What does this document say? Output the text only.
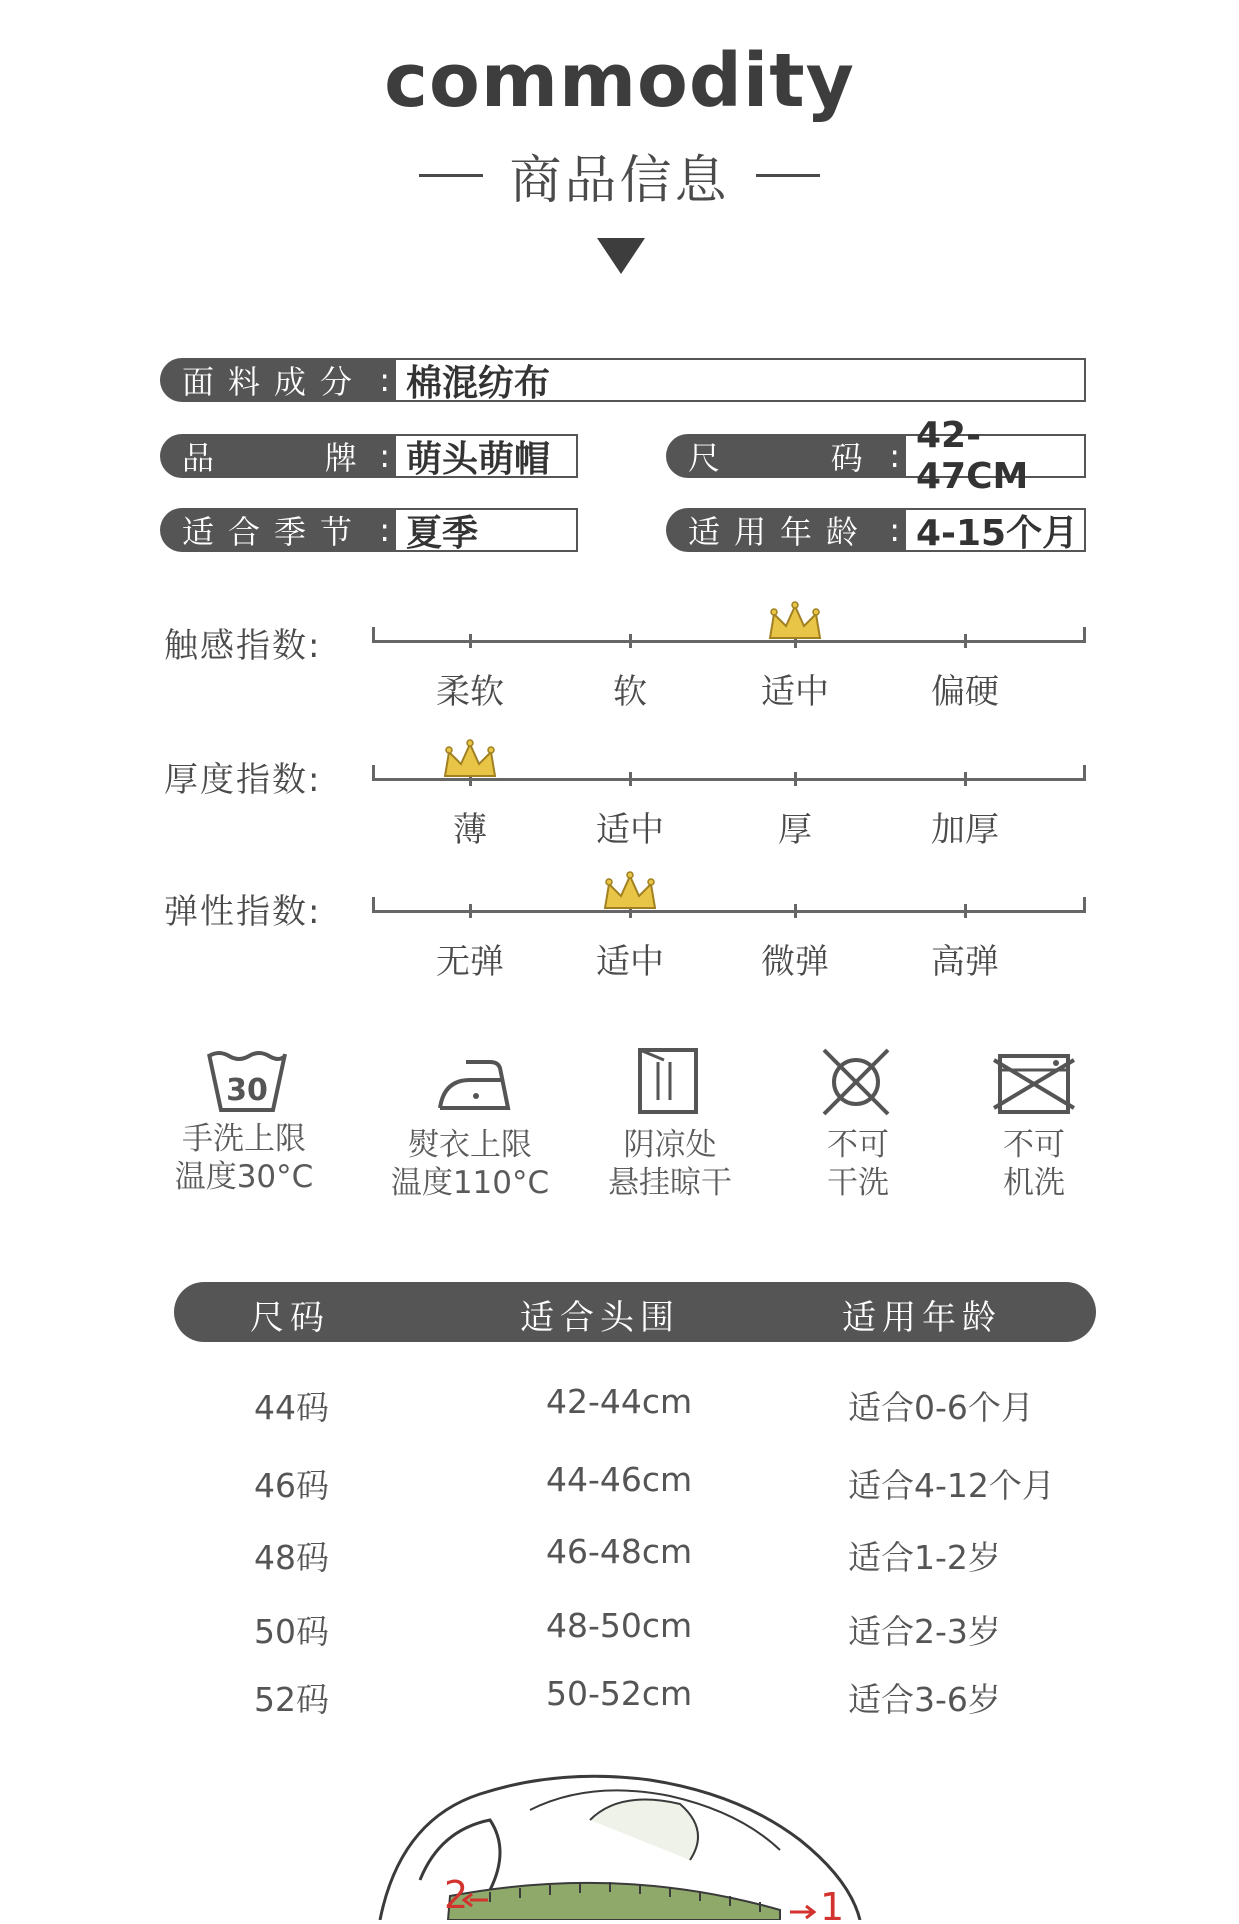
commodity
商品信息
面料成分 : 棉混纺布
品    牌 : 萌头萌帽	尺    码 : 42-47CM
适合季节 : 夏季	适用年龄 : 4-15个月
触感指数:
柔软	软	适中	偏硬
厚度指数:
薄	适中	厚	加厚
弹性指数:
无弹	适中	微弹	高弹
30
手洗上限
温度30°C
熨衣上限
温度110°C
阴凉处
悬挂晾干
不可
干洗
不可
机洗
尺码	适合头围	适用年龄
44码	42-44cm	适合0-6个月
46码	44-46cm	适合4-12个月
48码	46-48cm	适合1-2岁
50码	48-50cm	适合2-3岁
52码	50-52cm	适合3-6岁
2	1
